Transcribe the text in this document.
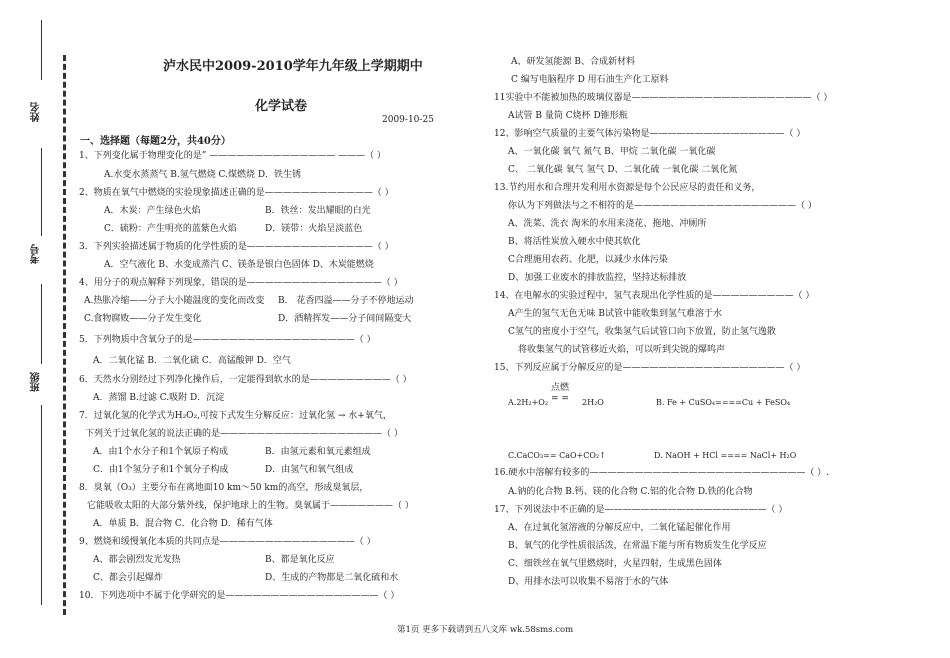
姓名
考号
班级
泸水民中2009-2010学年九年级上学期期中
化学试卷
2009-10-25
一、选择题（每题2分，共40分）
1、下列变化属于物理变化的是” —————————————— ———（ ）
A.水变水蒸蒸气 B.氢气燃烧 C.煤燃烧 D．铁生锈
2、物质在氧气中燃烧的实验现象描述正确的是————————————（ ）
A．木炭：产生绿色火焰	B．铁丝：发出耀眼的白光
C．硫粉：产生明亮的蓝紫色火焰	D．镁带：火焰呈淡蓝色
3．下列实验描述属于物质的化学性质的是——————————————（ ）
A．空气液化 B、水变成蒸汽 C、镁条是银白色固体 D、木炭能燃烧
4、用分子的观点解释下列现象，错误的是———————————————（ ）
A.热胀冷缩——分子大小随温度的变化而改变 B． 花香四溢——分子不停地运动
C.食物腐败——分子发生变化	D．酒精挥发——分子间间隔变大
5．下列物质中含氧分子的是——————————————————（ ）
A．二氧化锰 B．二氧化硫 C．高锰酸钾 D．空气
6．天然水分别经过下列净化操作后，一定能得到软水的是—————————（ ）
A．蒸馏 B.过滤 C.吸附 D．沉淀
7．过氧化氢的化学式为H₂O₂,可按下式发生分解反应：过氧化氢 → 水+氧气，
下列关于过氧化氢的说法正确的是——————————————————（ ）
A．由1个水分子和1个氧原子构成	B．由氢元素和氧元素组成
C．由1个氢分子和1个氧分子构成	D．由氢气和氧气组成
8．臭氧（O₃）主要分布在离地面10 km～50 km的高空，形成臭氧层，
它能吸收太阳的大部分紫外线，保护地球上的生物。臭氧属于———————（ ）
A．单质 B．混合物 C．化合物 D．稀有气体
9、燃烧和缓慢氧化本质的共同点是———————————————（ ）
A、都会剧烈发光发热	B、都是氧化反应
C、都会引起爆炸	D、生成的产物都是二氧化硫和水
10．下列选项中不属于化学研究的是—————————————————（ ）
A、研发氢能源 B、合成新材料
C 编写电脑程序 D 用石油生产化工原料
11实验中不能被加热的玻璃仪器是————————————————————（ ）
A试管 B 量筒 C烧杯 D锥形瓶
12、影响空气质量的主要气体污染物是———————————————（ ）
A、一氧化碳 氧气 氮气 B、甲烷 二氧化碳 一氧化碳
C、 二氧化碳 氧气 氢气 D、二氧化硫 一氧化碳 二氧化氮
13.节约用水和合理开发利用水资源是每个公民应尽的责任和义务，
你认为下列做法与之不相符的是——————————————————（ ）
A、洗菜、洗衣 淘米的水用来浇花、拖地、冲厕所
B、将活性炭放入硬水中使其软化
C合理施用农药、化肥，以减少水体污染
D、加强工业废水的排放监控，坚持达标排放
14、在电解水的实验过程中，氢气表现出化学性质的是—————————（ ）
A产生的氢气无色无味 B试管中能收集到氢气难溶于水
C氢气的密度小于空气，收集氢气后试管口向下放置，防止氢气逸散
将收集氢气的试管移近火焰，可以听到尖锐的爆鸣声
15、下列反应属于分解反应的是——————————————————（ ）
点燃
= =
A.2H₂+O₂	2H₂O	B. Fe + CuSO₄====Cu + FeSO₄
C.CaCO₃== CaO+CO₂↑	D. NaOH + HCl ==== NaCl+ H₂O
16.硬水中溶解有较多的————————————————————————（ ）.
A.钠的化合物 B.钙、镁的化合物 C.铝的化合物 D.铁的化合物
17、下列说法中不正确的是——————————————————（ ）
A、在过氧化氢溶液的分解反应中，二氧化锰起催化作用
B、氧气的化学性质很活泼，在常温下能与所有物质发生化学反应
C、细铁丝在氧气里燃烧时，火星四射，生成黑色固体
D、用排水法可以收集不易溶于水的气体
第1页 更多下载请到五八文库 wk.58sms.com
